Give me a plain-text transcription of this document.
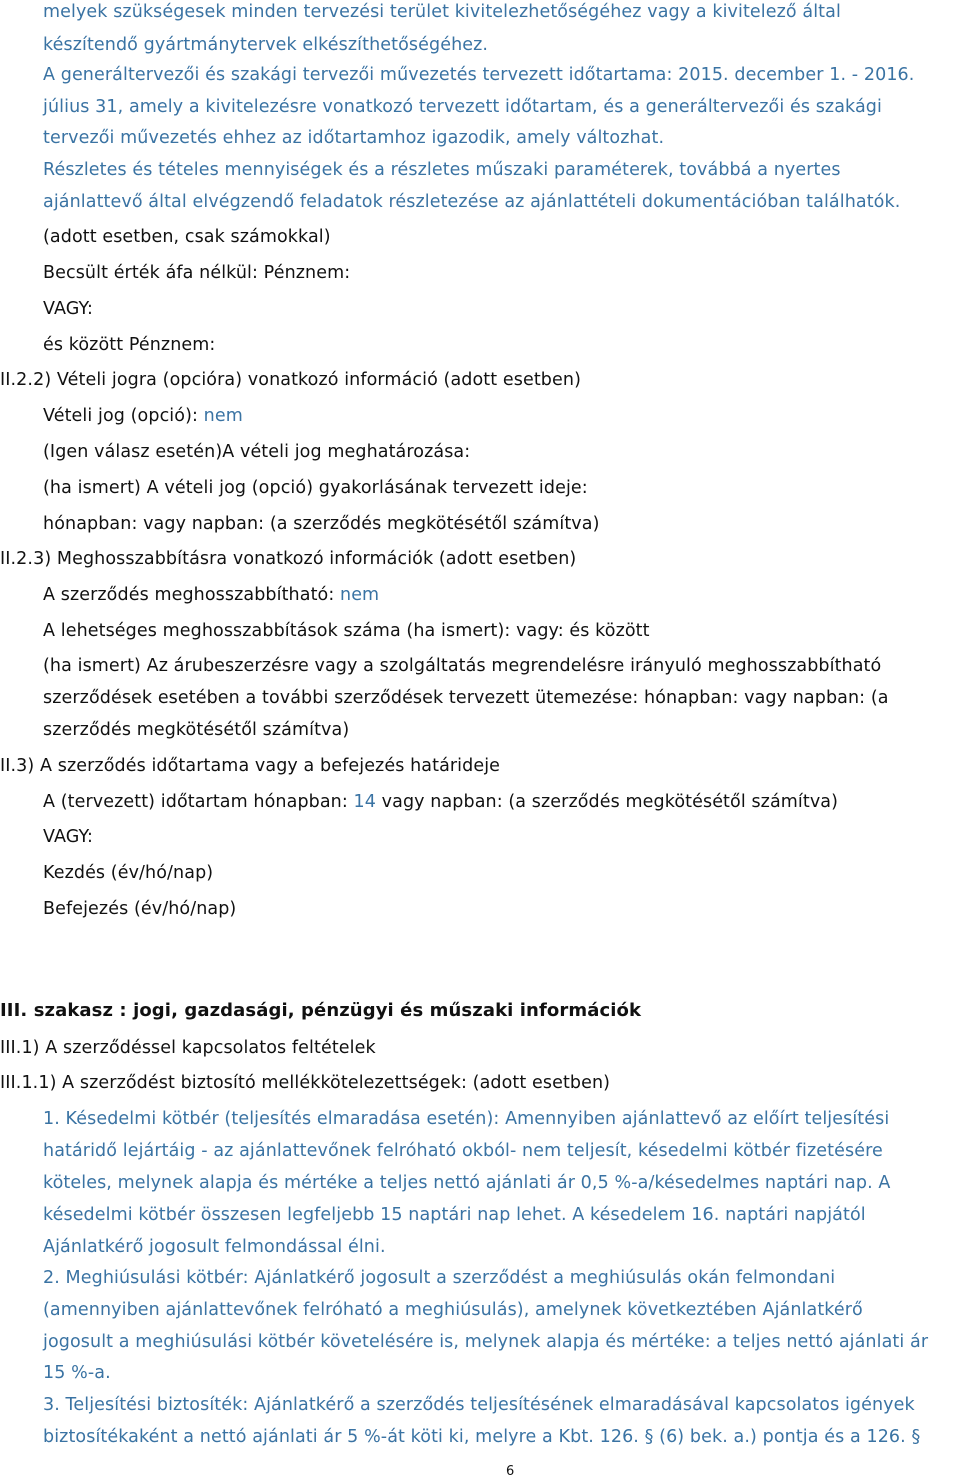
melyek szükségesek minden tervezési terület kivitelezhetőségéhez vagy a kivitelező által
készítendő gyártmánytervek elkészíthetőségéhez.
A generáltervezői és szakági tervezői művezetés tervezett időtartama: 2015. december 1. - 2016.
július 31, amely a kivitelezésre vonatkozó tervezett időtartam, és a generáltervezői és szakági
tervezői művezetés ehhez az időtartamhoz igazodik, amely változhat.
Részletes és tételes mennyiségek és a részletes műszaki paraméterek, továbbá a nyertes
ajánlattevő által elvégzendő feladatok részletezése az ajánlattételi dokumentációban találhatók.
(adott esetben, csak számokkal)
Becsült érték áfa nélkül: Pénznem:
VAGY:
és között Pénznem:
II.2.2) Vételi jogra (opcióra) vonatkozó információ (adott esetben)
Vételi jog (opció): nem
(Igen válasz esetén)A vételi jog meghatározása:
(ha ismert) A vételi jog (opció) gyakorlásának tervezett ideje:
hónapban: vagy napban: (a szerződés megkötésétől számítva)
II.2.3) Meghosszabbításra vonatkozó információk (adott esetben)
A szerződés meghosszabbítható: nem
A lehetséges meghosszabbítások száma (ha ismert): vagy: és között
(ha ismert) Az árubeszerzésre vagy a szolgáltatás megrendelésre irányuló meghosszabbítható
szerződések esetében a további szerződések tervezett ütemezése: hónapban: vagy napban: (a
szerződés megkötésétől számítva)
II.3) A szerződés időtartama vagy a befejezés határideje
A (tervezett) időtartam hónapban: 14 vagy napban: (a szerződés megkötésétől számítva)
VAGY:
Kezdés (év/hó/nap)
Befejezés (év/hó/nap)
III. szakasz : jogi, gazdasági, pénzügyi és műszaki információk
III.1) A szerződéssel kapcsolatos feltételek
III.1.1) A szerződést biztosító mellékkötelezettségek: (adott esetben)
1. Késedelmi kötbér (teljesítés elmaradása esetén): Amennyiben ajánlattevő az előírt teljesítési
határidő lejártáig - az ajánlattevőnek felróható okból- nem teljesít, késedelmi kötbér fizetésére
köteles, melynek alapja és mértéke a teljes nettó ajánlati ár 0,5 %-a/késedelmes naptári nap. A
késedelmi kötbér összesen legfeljebb 15 naptári nap lehet. A késedelem 16. naptári napjától
Ajánlatkérő jogosult felmondással élni.
2. Meghiúsulási kötbér: Ajánlatkérő jogosult a szerződést a meghiúsulás okán felmondani
(amennyiben ajánlattevőnek felróható a meghiúsulás), amelynek következtében Ajánlatkérő
jogosult a meghiúsulási kötbér követelésére is, melynek alapja és mértéke: a teljes nettó ajánlati ár
15 %-a.
3. Teljesítési biztosíték: Ajánlatkérő a szerződés teljesítésének elmaradásával kapcsolatos igények
biztosítékaként a nettó ajánlati ár 5 %-át köti ki, melyre a Kbt. 126. § (6) bek. a.) pontja és a 126. §
6
